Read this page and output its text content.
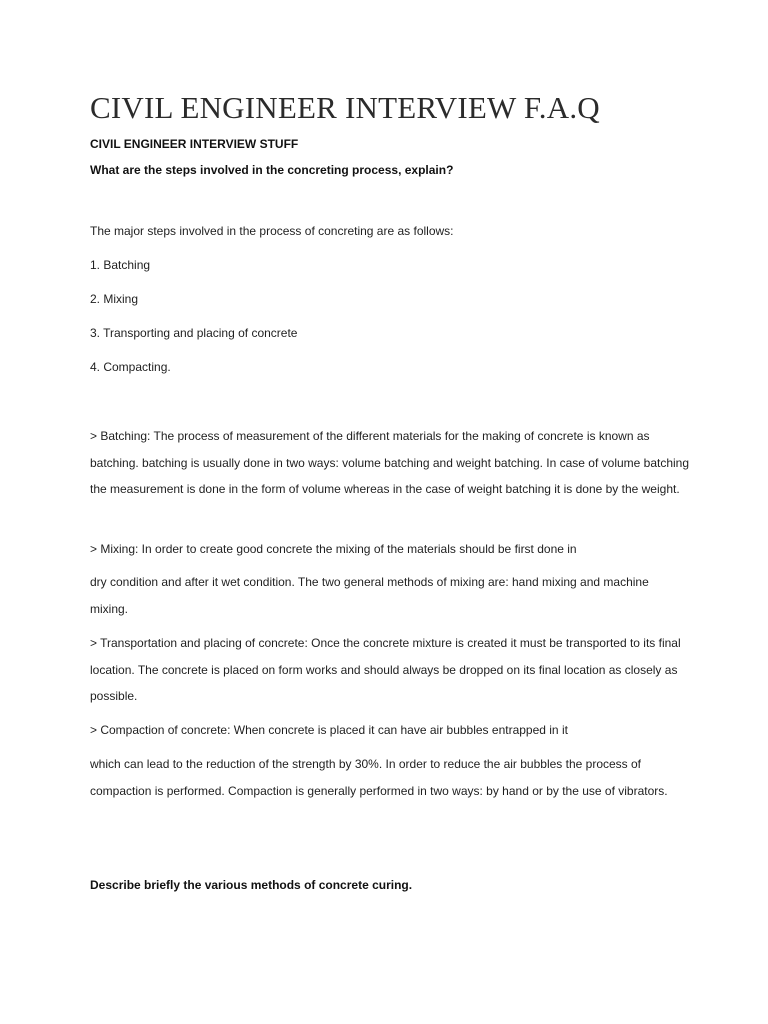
CIVIL ENGINEER INTERVIEW F.A.Q

CIVIL ENGINEER INTERVIEW STUFF

What are the steps involved in the concreting process, explain?

The major steps involved in the process of concreting are as follows:

1. Batching

2. Mixing

3. Transporting and placing of concrete

4. Compacting.

> Batching: The process of measurement of the different materials for the making of concrete is known as batching. batching is usually done in two ways: volume batching and weight batching. In case of volume batching the measurement is done in the form of volume whereas in the case of weight batching it is done by the weight.

> Mixing: In order to create good concrete the mixing of the materials should be first done in

dry condition and after it wet condition. The two general methods of mixing are: hand mixing and machine mixing.

> Transportation and placing of concrete: Once the concrete mixture is created it must be transported to its final location. The concrete is placed on form works and should always be dropped on its final location as closely as possible.

> Compaction of concrete: When concrete is placed it can have air bubbles entrapped in it

which can lead to the reduction of the strength by 30%. In order to reduce the air bubbles the process of compaction is performed. Compaction is generally performed in two ways: by hand or by the use of vibrators.

Describe briefly the various methods of concrete curing.
